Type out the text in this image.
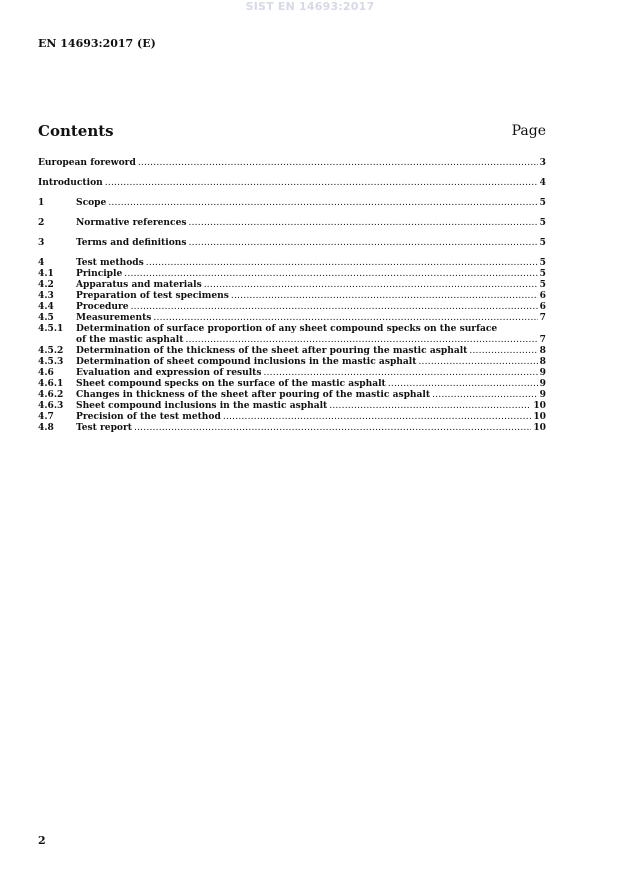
SIST EN 14693:2017
EN 14693:2017 (E)
Contents	Page
European foreword .....	3
Introduction .....	4
1	Scope .....	5
2	Normative references .....	5
3	Terms and definitions .....	5
4	Test methods .....	5
4.1	Principle .....	5
4.2	Apparatus and materials .....	5
4.3	Preparation of test specimens .....	6
4.4	Procedure .....	6
4.5	Measurements .....	7
4.5.1	Determination of surface proportion of any sheet compound specks on the surface
of the mastic asphalt .....	7
4.5.2	Determination of the thickness of the sheet after pouring the mastic asphalt .....	8
4.5.3	Determination of sheet compound inclusions in the mastic asphalt .....	8
4.6	Evaluation and expression of results .....	9
4.6.1	Sheet compound specks on the surface of the mastic asphalt .....	9
4.6.2	Changes in thickness of the sheet after pouring of the mastic asphalt .....	9
4.6.3	Sheet compound inclusions in the mastic asphalt .....	10
4.7	Precision of the test method .....	10
4.8	Test report .....	10
2
